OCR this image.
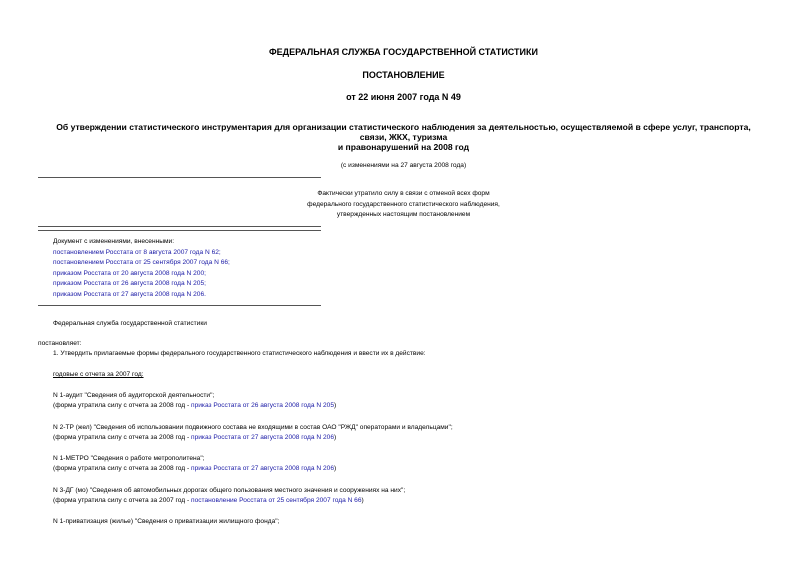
ФЕДЕРАЛЬНАЯ СЛУЖБА ГОСУДАРСТВЕННОЙ СТАТИСТИКИ
ПОСТАНОВЛЕНИЕ
от 22 июня 2007 года N 49
Об утверждении статистического инструментария для организации статистического наблюдения за деятельностью, осуществляемой в сфере услуг, транспорта,
связи, ЖКХ, туризма
и правонарушений на 2008 год
(с изменениями на 27 августа 2008 года)
Фактически утратило силу в связи с отменой всех форм
федерального государственного статистического наблюдения,
утвержденных настоящим постановлением
Документ с изменениями, внесенными:
постановлением Росстата от 8 августа 2007 года N 62;
постановлением Росстата от 25 сентября 2007 года N 66;
приказом Росстата от 20 августа 2008 года N 200;
приказом Росстата от 26 августа 2008 года N 205;
приказом Росстата от 27 августа 2008 года N 206.
Федеральная служба государственной статистики
постановляет:
1. Утвердить прилагаемые формы федерального государственного статистического наблюдения и ввести их в действие:
годовые с отчета за 2007 год:
N 1-аудит "Сведения об аудиторской деятельности";
(форма утратила силу с отчета за 2008 год - приказ Росстата от 26 августа 2008 года N 205)
N 2-ТР (жел) "Сведения об использовании подвижного состава не входящими в состав ОАО "РЖД" операторами и владельцами";
(форма утратила силу с отчета за 2008 год - приказ Росстата от 27 августа 2008 года N 206)
N 1-МЕТРО "Сведения о работе метрополитена";
(форма утратила силу с отчета за 2008 год - приказ Росстата от 27 августа 2008 года N 206)
N 3-ДГ (мо) "Сведения об автомобильных дорогах общего пользования местного значения и сооружениях на них";
(форма утратила силу с отчета за 2007 год - постановление Росстата от 25 сентября 2007 года N 66)
N 1-приватизация (жилье) "Сведения о приватизации жилищного фонда";
